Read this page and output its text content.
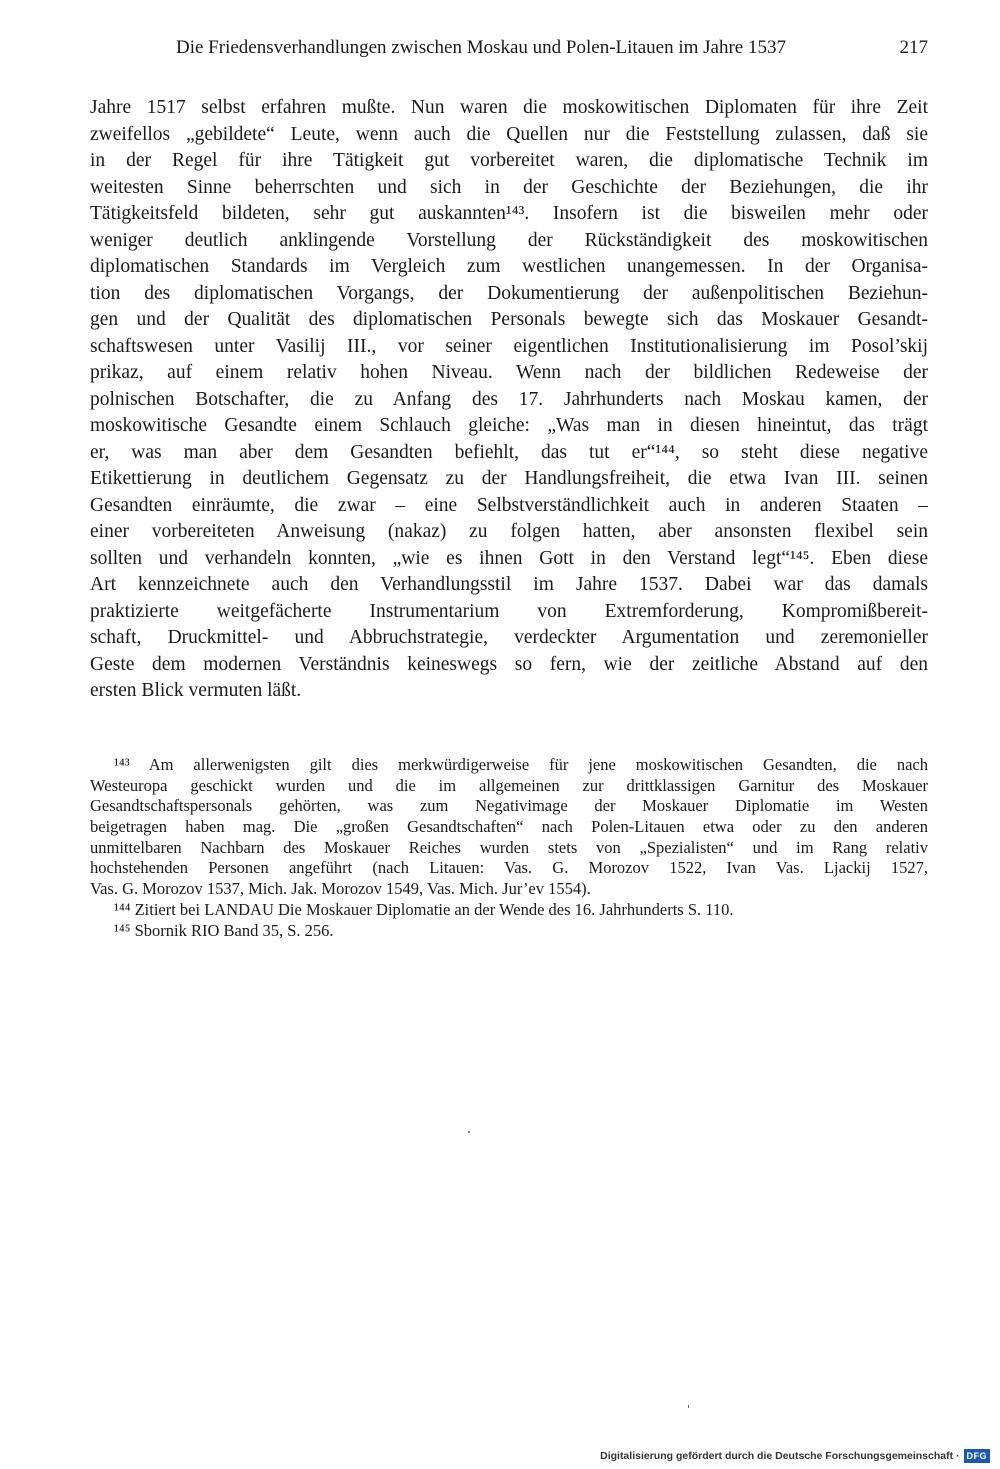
Die Friedensverhandlungen zwischen Moskau und Polen-Litauen im Jahre 1537	217
Jahre 1517 selbst erfahren mußte. Nun waren die moskowitischen Diplomaten für ihre Zeit
zweifellos „gebildete“ Leute, wenn auch die Quellen nur die Feststellung zulassen, daß sie
in der Regel für ihre Tätigkeit gut vorbereitet waren, die diplomatische Technik im
weitesten Sinne beherrschten und sich in der Geschichte der Beziehungen, die ihr
Tätigkeitsfeld bildeten, sehr gut auskannten¹⁴³. Insofern ist die bisweilen mehr oder
weniger deutlich anklingende Vorstellung der Rückständigkeit des moskowitischen
diplomatischen Standards im Vergleich zum westlichen unangemessen. In der Organisa-
tion des diplomatischen Vorgangs, der Dokumentierung der außenpolitischen Beziehun-
gen und der Qualität des diplomatischen Personals bewegte sich das Moskauer Gesandt-
schaftswesen unter Vasilij III., vor seiner eigentlichen Institutionalisierung im Posol’skij
prikaz, auf einem relativ hohen Niveau. Wenn nach der bildlichen Redeweise der
polnischen Botschafter, die zu Anfang des 17. Jahrhunderts nach Moskau kamen, der
moskowitische Gesandte einem Schlauch gleiche: „Was man in diesen hineintut, das trägt
er, was man aber dem Gesandten befiehlt, das tut er“¹⁴⁴, so steht diese negative
Etikettierung in deutlichem Gegensatz zu der Handlungsfreiheit, die etwa Ivan III. seinen
Gesandten einräumte, die zwar – eine Selbstverständlichkeit auch in anderen Staaten –
einer vorbereiteten Anweisung (nakaz) zu folgen hatten, aber ansonsten flexibel sein
sollten und verhandeln konnten, „wie es ihnen Gott in den Verstand legt“¹⁴⁵. Eben diese
Art kennzeichnete auch den Verhandlungsstil im Jahre 1537. Dabei war das damals
praktizierte weitgefächerte Instrumentarium von Extremforderung, Kompromißbereit-
schaft, Druckmittel- und Abbruchstrategie, verdeckter Argumentation und zeremonieller
Geste dem modernen Verständnis keineswegs so fern, wie der zeitliche Abstand auf den
ersten Blick vermuten läßt.
¹⁴³ Am allerwenigsten gilt dies merkwürdigerweise für jene moskowitischen Gesandten, die nach
Westeuropa geschickt wurden und die im allgemeinen zur drittklassigen Garnitur des Moskauer
Gesandtschaftspersonals gehörten, was zum Negativimage der Moskauer Diplomatie im Westen
beigetragen haben mag. Die „großen Gesandtschaften“ nach Polen-Litauen etwa oder zu den anderen
unmittelbaren Nachbarn des Moskauer Reiches wurden stets von „Spezialisten“ und im Rang relativ
hochstehenden Personen angeführt (nach Litauen: Vas. G. Morozov 1522, Ivan Vas. Ljackij 1527,
Vas. G. Morozov 1537, Mich. Jak. Morozov 1549, Vas. Mich. Jur’ev 1554).
¹⁴⁴ Zitiert bei LANDAU Die Moskauer Diplomatie an der Wende des 16. Jahrhunderts S. 110.
¹⁴⁵ Sbornik RIO Band 35, S. 256.
Digitalisierung gefördert durch die Deutsche Forschungsgemeinschaft · DFG
